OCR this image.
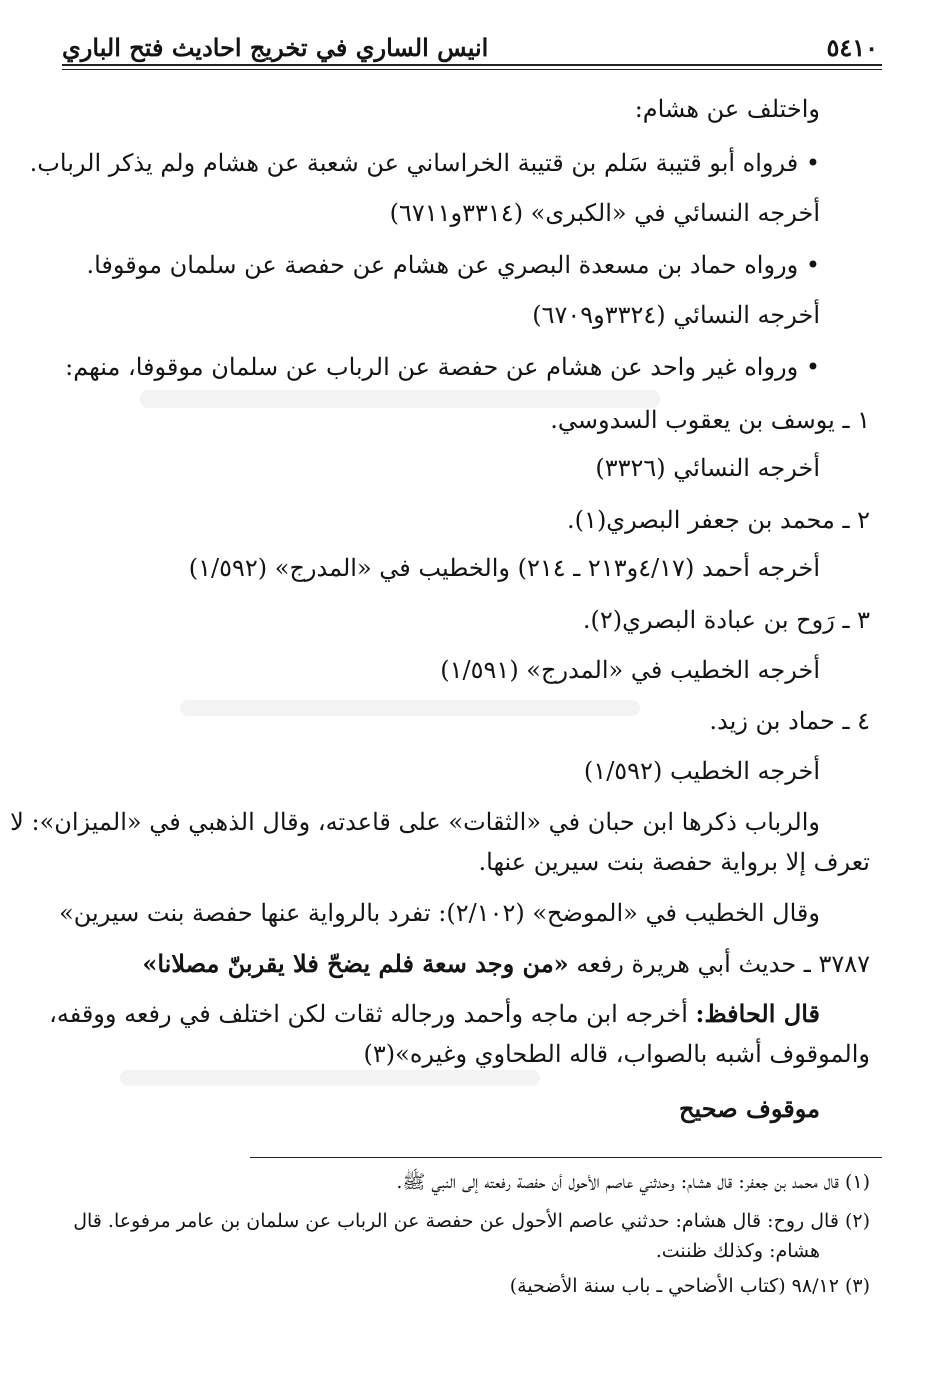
٥٤١٠
انيس الساري في تخريج احاديث فتح الباري
واختلف عن هشام:
• فرواه أبو قتيبة سَلم بن قتيبة الخراساني عن شعبة عن هشام ولم يذكر الرباب.
أخرجه النسائي في «الكبرى» (٣٣١٤و٦٧١١)
• ورواه حماد بن مسعدة البصري عن هشام عن حفصة عن سلمان موقوفا.
أخرجه النسائي (٣٣٢٤و٦٧٠٩)
• ورواه غير واحد عن هشام عن حفصة عن الرباب عن سلمان موقوفا، منهم:
١ ـ يوسف بن يعقوب السدوسي.
أخرجه النسائي (٣٣٢٦)
٢ ـ محمد بن جعفر البصري(١).
أخرجه أحمد (٤/١٧و٢١٣ ـ ٢١٤) والخطيب في «المدرج» (١/٥٩٢)
٣ ـ رَوح بن عبادة البصري(٢).
أخرجه الخطيب في «المدرج» (١/٥٩١)
٤ ـ حماد بن زيد.
أخرجه الخطيب (١/٥٩٢)
والرباب ذكرها ابن حبان في «الثقات» على قاعدته، وقال الذهبي في «الميزان»: لا
تعرف إلا برواية حفصة بنت سيرين عنها.
وقال الخطيب في «الموضح» (٢/١٠٢): تفرد بالرواية عنها حفصة بنت سيرين»
٣٧٨٧ ـ حديث أبي هريرة رفعه «من وجد سعة فلم يضحّ فلا يقربنّ مصلانا»
قال الحافظ: أخرجه ابن ماجه وأحمد ورجاله ثقات لكن اختلف في رفعه ووقفه،
والموقوف أشبه بالصواب، قاله الطحاوي وغيره»(٣)
موقوف صحيح
(١) قال محمد بن جعفر: قال هشام: وحدثني عاصم الأحول أن حفصة رفعته إلى النبي ﷺ.
(٢) قال روح: قال هشام: حدثني عاصم الأحول عن حفصة عن الرباب عن سلمان بن عامر مرفوعا. قال
هشام: وكذلك ظننت.
(٣) ٩٨/١٢ (كتاب الأضاحي ـ باب سنة الأضحية)
